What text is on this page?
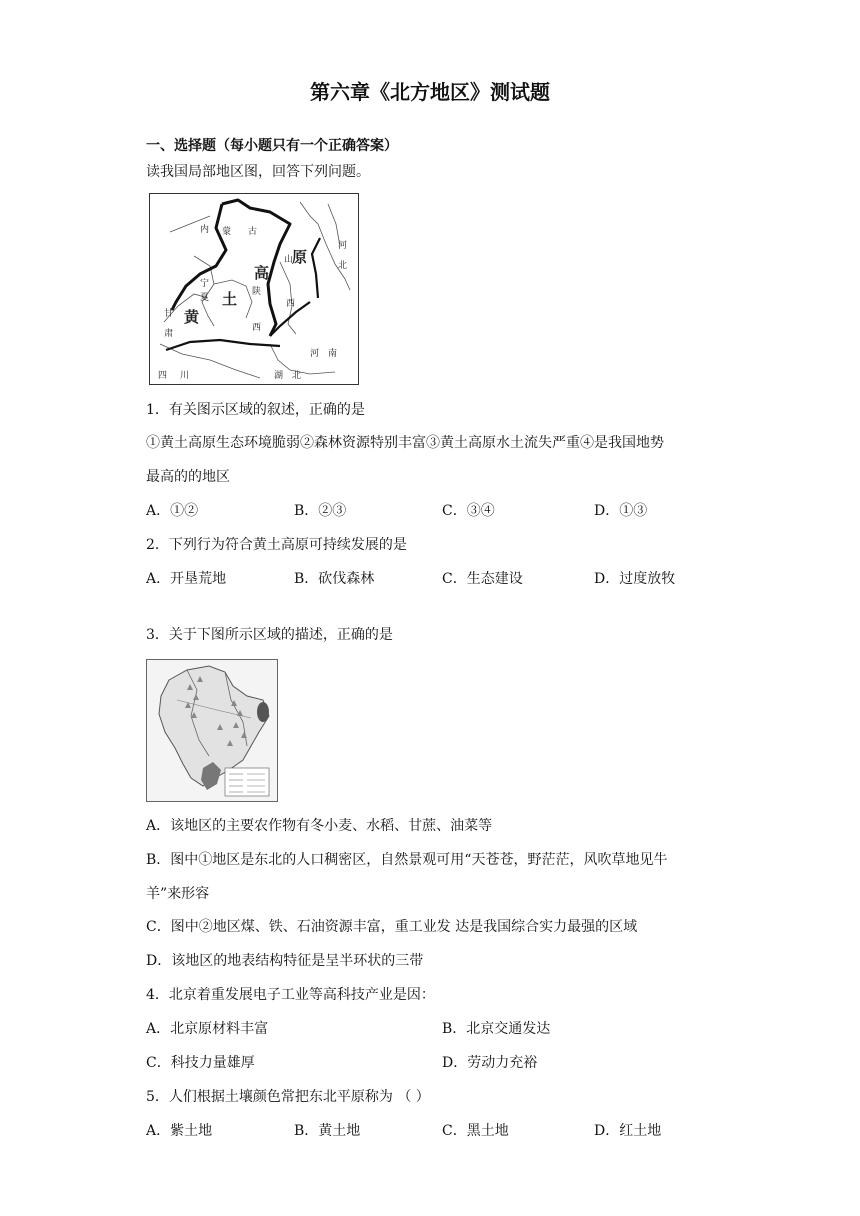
第六章《北方地区》测试题
一、选择题（每小题只有一个正确答案）
读我国局部地区图，回答下列问题。
内 蒙 古
山
原
河
北
宁
夏
高
土 陕
西
西
甘
肃
黄
河 南
四 川	湖 北
1．有关图示区域的叙述，正确的是
①黄土高原生态环境脆弱②森林资源特别丰富③黄土高原水土流失严重④是我国地势
最高的的地区
A．①②	B．②③	C．③④	D．①③
2．下列行为符合黄土高原可持续发展的是
A．开垦荒地	B．砍伐森林	C．生态建设	D．过度放牧
3．关于下图所示区域的描述，正确的是
A．该地区的主要农作物有冬小麦、水稻、甘蔗、油菜等
B．图中①地区是东北的人口稠密区，自然景观可用“天苍苍，野茫茫，风吹草地见牛
羊”来形容
C．图中②地区煤、铁、石油资源丰富，重工业发 达是我国综合实力最强的区域
D．该地区的地表结构特征是呈半环状的三带
4．北京着重发展电子工业等高科技产业是因：
A．北京原材料丰富	B．北京交通发达
C．科技力量雄厚	D．劳动力充裕
5．人们根据土壤颜色常把东北平原称为 （ ）
A．紫土地	B．黄土地	C．黑土地	D．红土地
